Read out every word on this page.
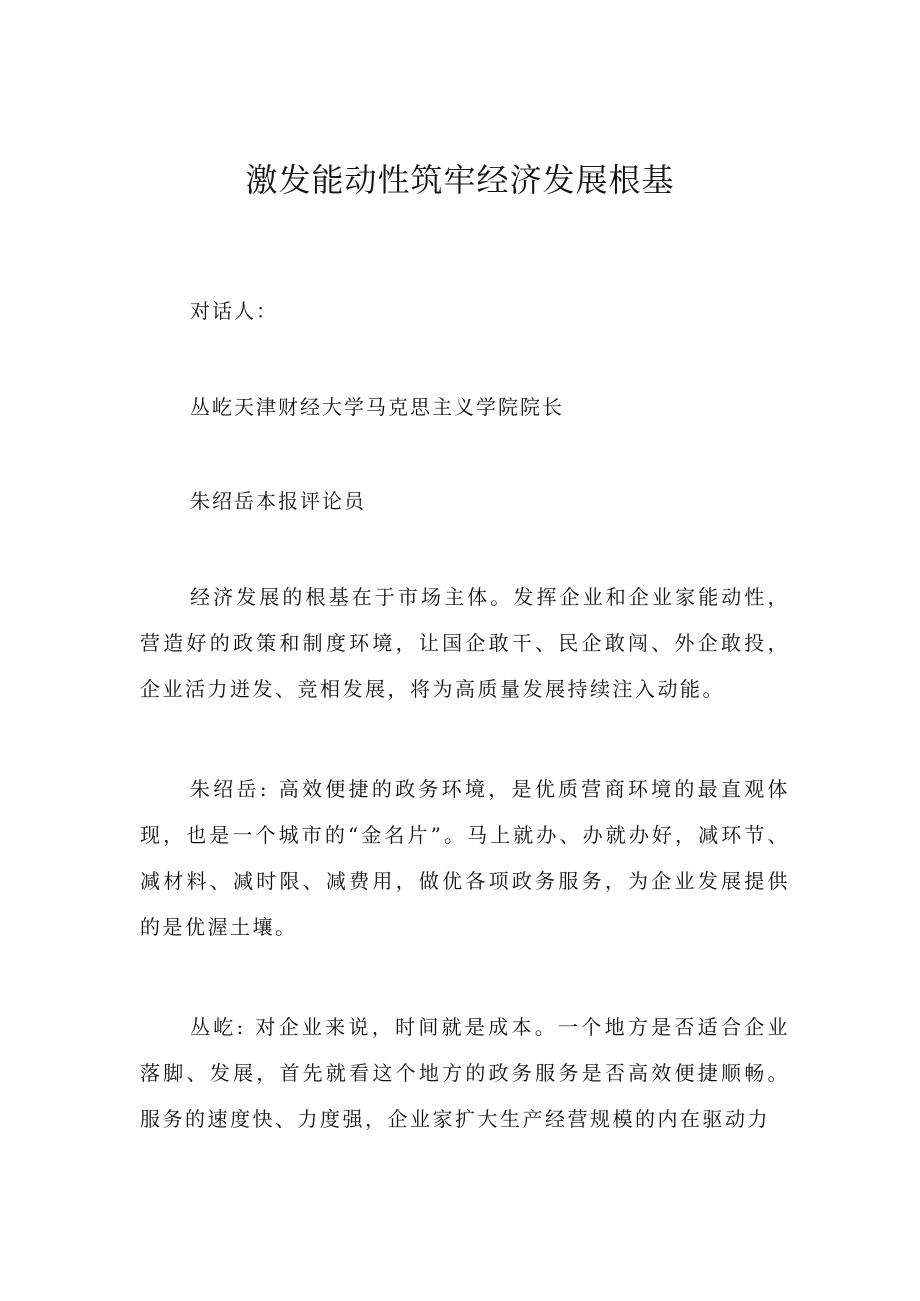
激发能动性筑牢经济发展根基

对话人：

丛屹天津财经大学马克思主义学院院长

朱绍岳本报评论员

经济发展的根基在于市场主体。发挥企业和企业家能动性，营造好的政策和制度环境，让国企敢干、民企敢闯、外企敢投，企业活力迸发、竞相发展，将为高质量发展持续注入动能。

朱绍岳: 高效便捷的政务环境，是优质营商环境的最直观体现，也是一个城市的“金名片”。马上就办、办就办好，减环节、减材料、减时限、减费用，做优各项政务服务，为企业发展提供的是优渥土壤。

丛屹: 对企业来说，时间就是成本。一个地方是否适合企业落脚、发展，首先就看这个地方的政务服务是否高效便捷顺畅。服务的速度快、力度强，企业家扩大生产经营规模的内在驱动力
